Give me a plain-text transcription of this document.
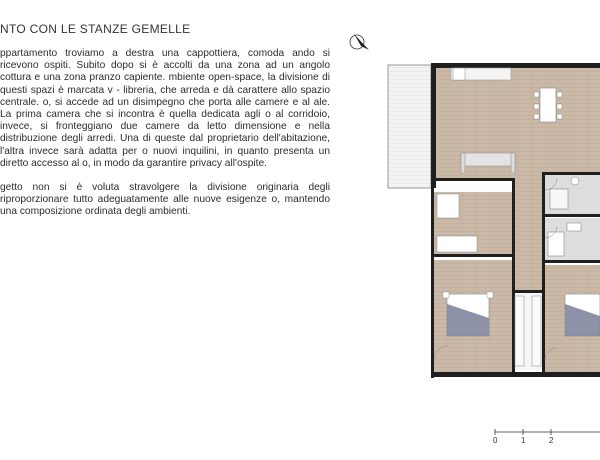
NTO CON LE STANZE GEMELLE

ppartamento troviamo a destra una cappottiera, comoda ando si ricevono ospiti. Subito dopo si è accolti da una zona ad un angolo cottura e una zona pranzo capiente. mbiente open-space, la divisione di questi spazi è marcata v - libreria, che arreda e dà carattere allo spazio centrale. o, si accede ad un disimpegno che porta alle camere e al ale. La prima camera che si incontra è quella dedicata agli o al corridoio, invece, si fronteggiano due camere da letto dimensione e nella distribuzione degli arredi. Una di queste dal proprietario dell'abitazione, l'altra invece sarà adatta per o nuovi inquilini, in quanto presenta un diretto accesso al o, in modo da garantire privacy all'ospite.

getto non si è voluta stravolgere la divisione originaria degli riproporzionare tutto adeguatamente alle nuove esigenze o, mantendo una composizione ordinata degli ambienti.

0	1	2
